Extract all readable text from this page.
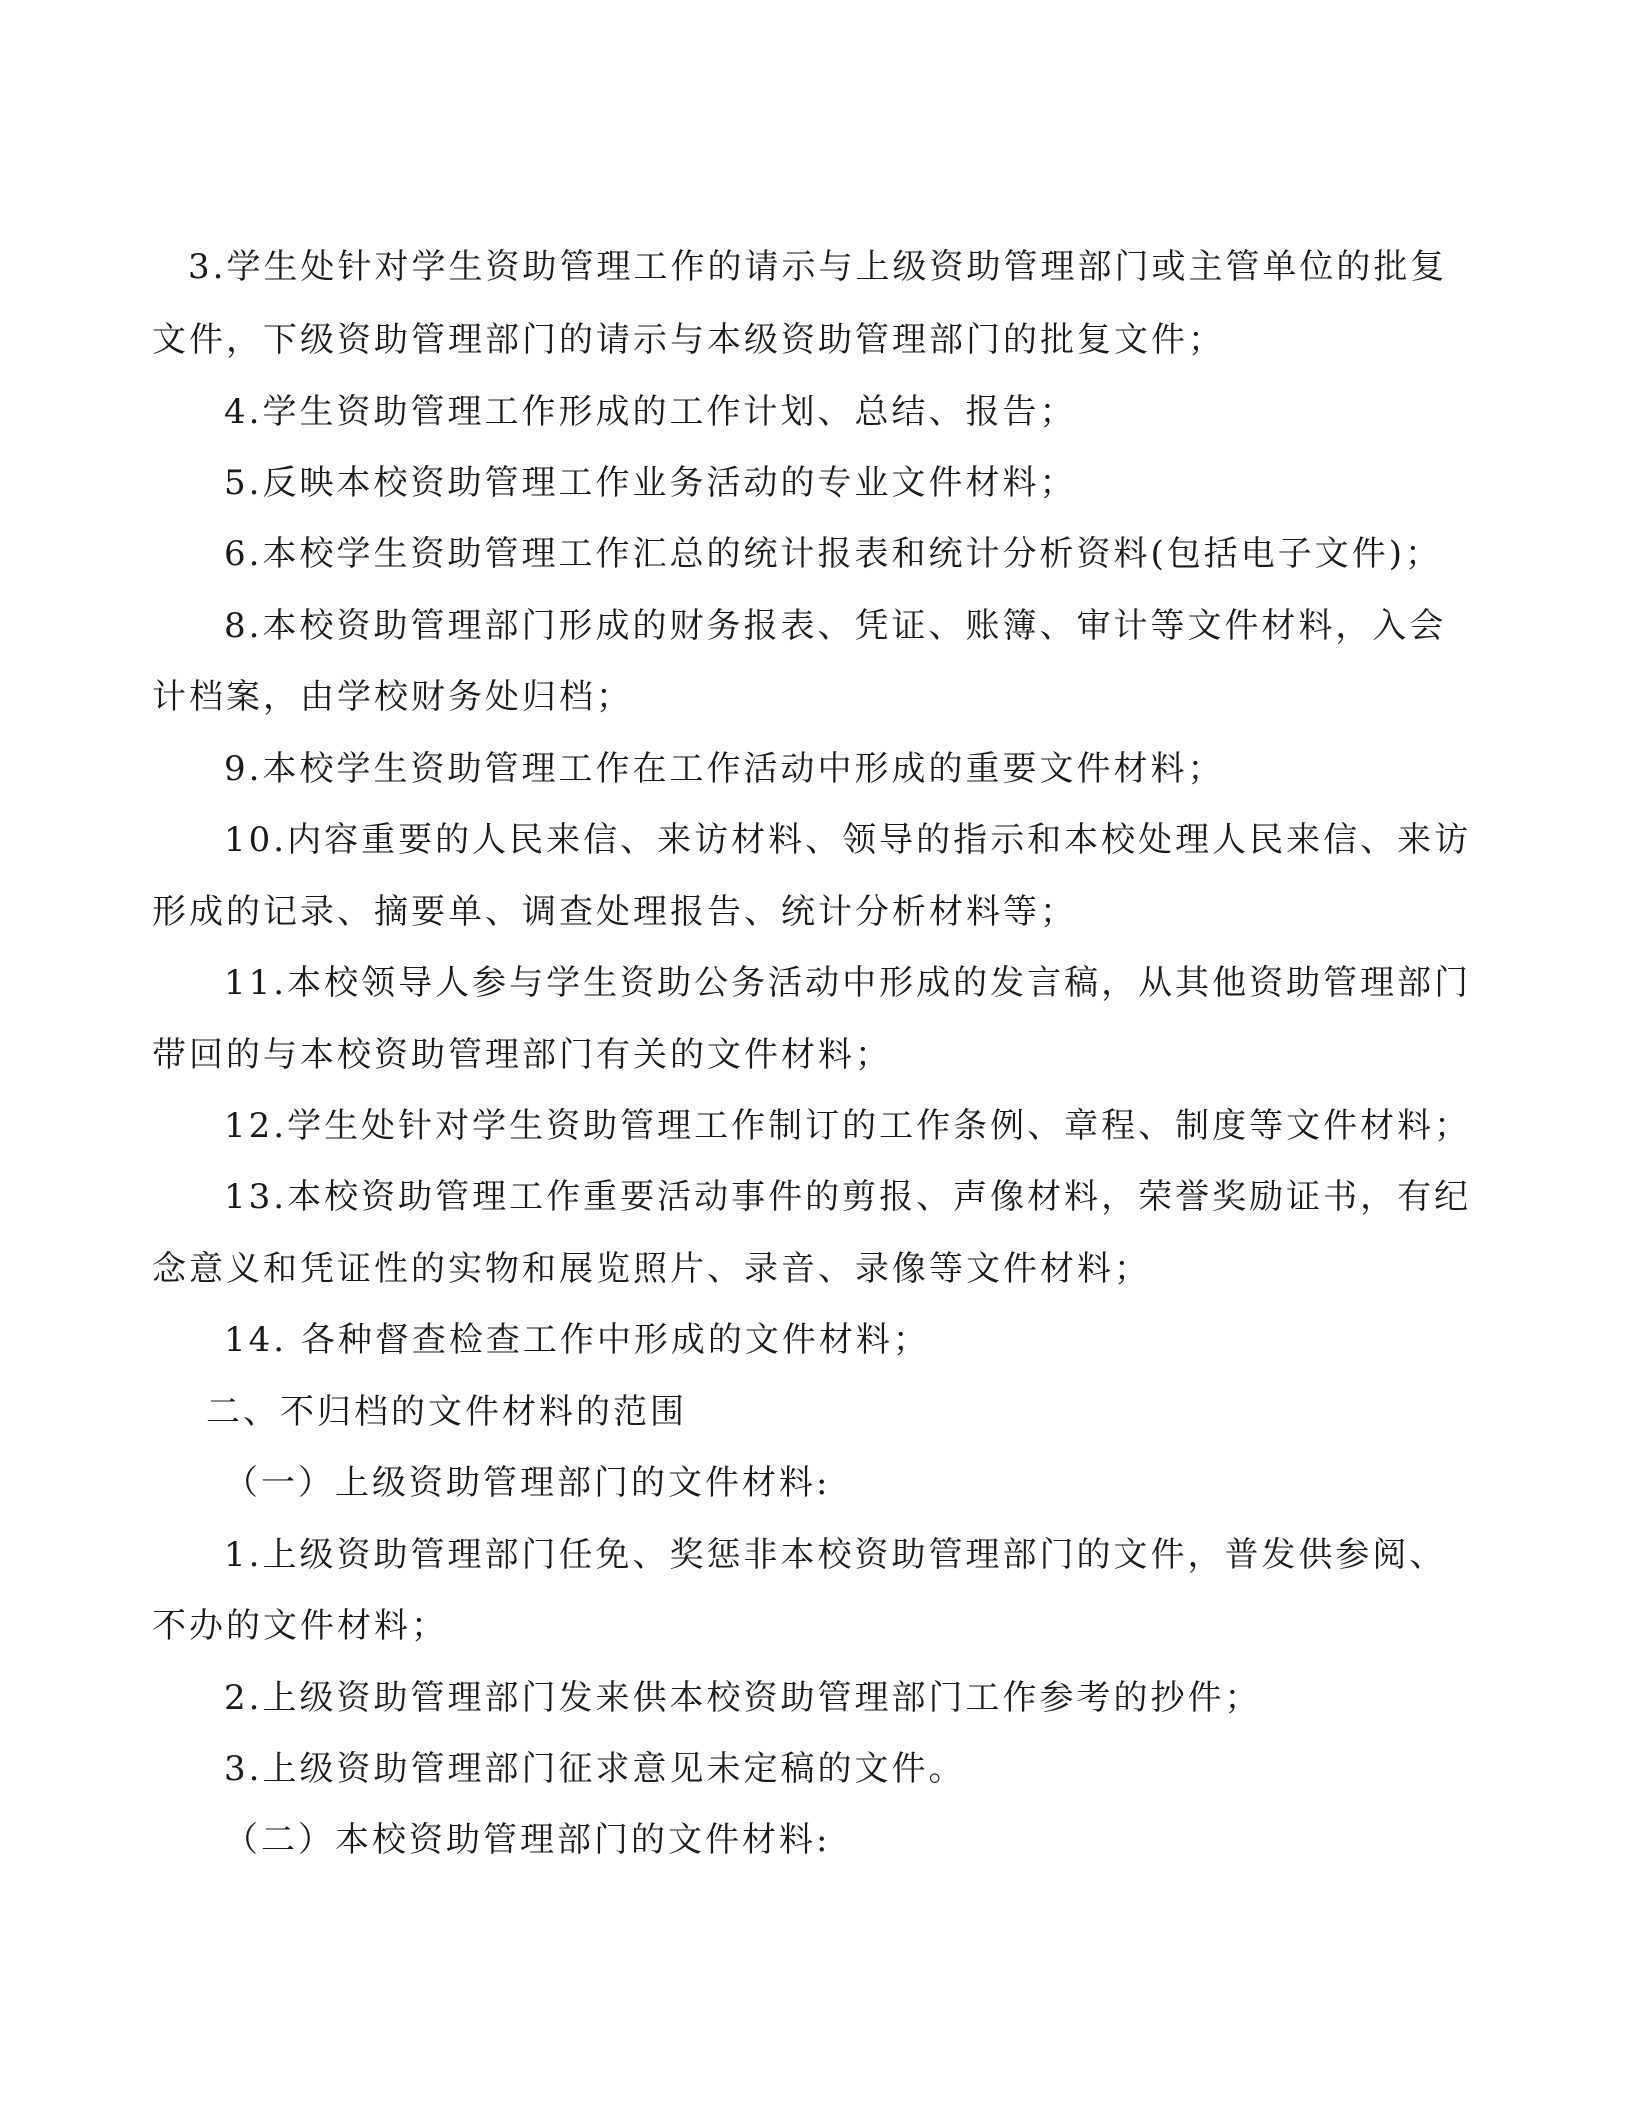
3.学生处针对学生资助管理工作的请示与上级资助管理部门或主管单位的批复
文件，下级资助管理部门的请示与本级资助管理部门的批复文件；
4.学生资助管理工作形成的工作计划、总结、报告；
5.反映本校资助管理工作业务活动的专业文件材料；
6.本校学生资助管理工作汇总的统计报表和统计分析资料(包括电子文件)；
8.本校资助管理部门形成的财务报表、凭证、账簿、审计等文件材料，入会
计档案，由学校财务处归档；
9.本校学生资助管理工作在工作活动中形成的重要文件材料；
10.内容重要的人民来信、来访材料、领导的指示和本校处理人民来信、来访
形成的记录、摘要单、调查处理报告、统计分析材料等；
11.本校领导人参与学生资助公务活动中形成的发言稿，从其他资助管理部门
带回的与本校资助管理部门有关的文件材料；
12.学生处针对学生资助管理工作制订的工作条例、章程、制度等文件材料；
13.本校资助管理工作重要活动事件的剪报、声像材料，荣誉奖励证书，有纪
念意义和凭证性的实物和展览照片、录音、录像等文件材料；
14. 各种督查检查工作中形成的文件材料；
二、不归档的文件材料的范围
（一）上级资助管理部门的文件材料:
1.上级资助管理部门任免、奖惩非本校资助管理部门的文件，普发供参阅、
不办的文件材料；
2.上级资助管理部门发来供本校资助管理部门工作参考的抄件；
3.上级资助管理部门征求意见未定稿的文件。
（二）本校资助管理部门的文件材料:
